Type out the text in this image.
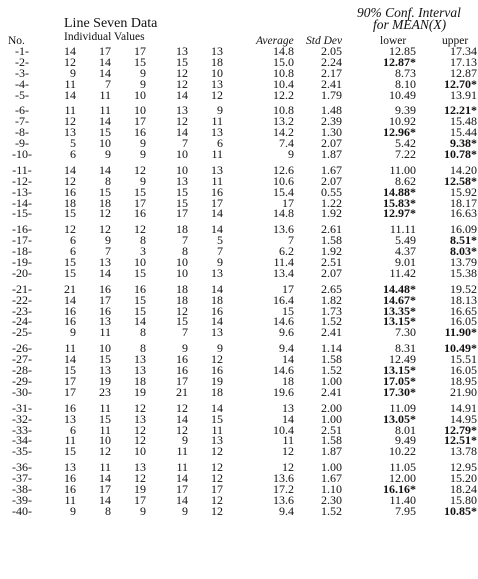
Line Seven Data
Individual Values
No.	Average Std Dev
90% Conf. Interval
for MEAN(X)
lower	upper
-1-	14	17	17	13	13	14.8	2.05	12.85	17.34
-2-	12	14	15	15	18	15.0	2.24	12.87*	17.13
-3-	9	14	9	12	10	10.8	2.17	8.73	12.87
-4-	11	7	9	12	13	10.4	2.41	8.10	12.70*
-5-	14	11	10	14	12	12.2	1.79	10.49	13.91
-6-	11	11	10	13	9	10.8	1.48	9.39	12.21*
-7-	12	14	17	12	11	13.2	2.39	10.92	15.48
-8-	13	15	16	14	13	14.2	1.30	12.96*	15.44
-9-	5	10	9	7	6	7.4	2.07	5.42	9.38*
-10-	6	9	9	10	11	9	1.87	7.22	10.78*
-11-	14	14	12	10	13	12.6	1.67	11.00	14.20
-12-	12	8	9	13	11	10.6	2.07	8.62	12.58*
-13-	16	15	15	15	16	15.4	0.55	14.88*	15.92
-14-	18	18	17	15	17	17	1.22	15.83*	18.17
-15-	15	12	16	17	14	14.8	1.92	12.97*	16.63
-16-	12	12	12	18	14	13.6	2.61	11.11	16.09
-17-	6	9	8	7	5	7	1.58	5.49	8.51*
-18-	6	7	3	8	7	6.2	1.92	4.37	8.03*
-19-	15	13	10	10	9	11.4	2.51	9.01	13.79
-20-	15	14	15	10	13	13.4	2.07	11.42	15.38
-21-	21	16	16	18	14	17	2.65	14.48*	19.52
-22-	14	17	15	18	18	16.4	1.82	14.67*	18.13
-23-	16	16	15	12	16	15	1.73	13.35*	16.65
-24-	16	13	14	15	14	14.6	1.52	13.15*	16.05
-25-	9	11	8	7	13	9.6	2.41	7.30	11.90*
-26-	11	10	8	9	9	9.4	1.14	8.31	10.49*
-27-	14	15	13	16	12	14	1.58	12.49	15.51
-28-	15	13	13	16	16	14.6	1.52	13.15*	16.05
-29-	17	19	18	17	19	18	1.00	17.05*	18.95
-30-	17	23	19	21	18	19.6	2.41	17.30*	21.90
-31-	16	11	12	12	14	13	2.00	11.09	14.91
-32-	13	15	13	14	15	14	1.00	13.05*	14.95
-33-	6	11	12	12	11	10.4	2.51	8.01	12.79*
-34-	11	10	12	9	13	11	1.58	9.49	12.51*
-35-	15	12	10	11	12	12	1.87	10.22	13.78
-36-	13	11	13	11	12	12	1.00	11.05	12.95
-37-	16	14	12	14	12	13.6	1.67	12.00	15.20
-38-	16	17	19	17	17	17.2	1.10	16.16*	18.24
-39-	11	14	17	14	12	13.6	2.30	11.40	15.80
-40-	9	8	9	9	12	9.4	1.52	7.95	10.85*
